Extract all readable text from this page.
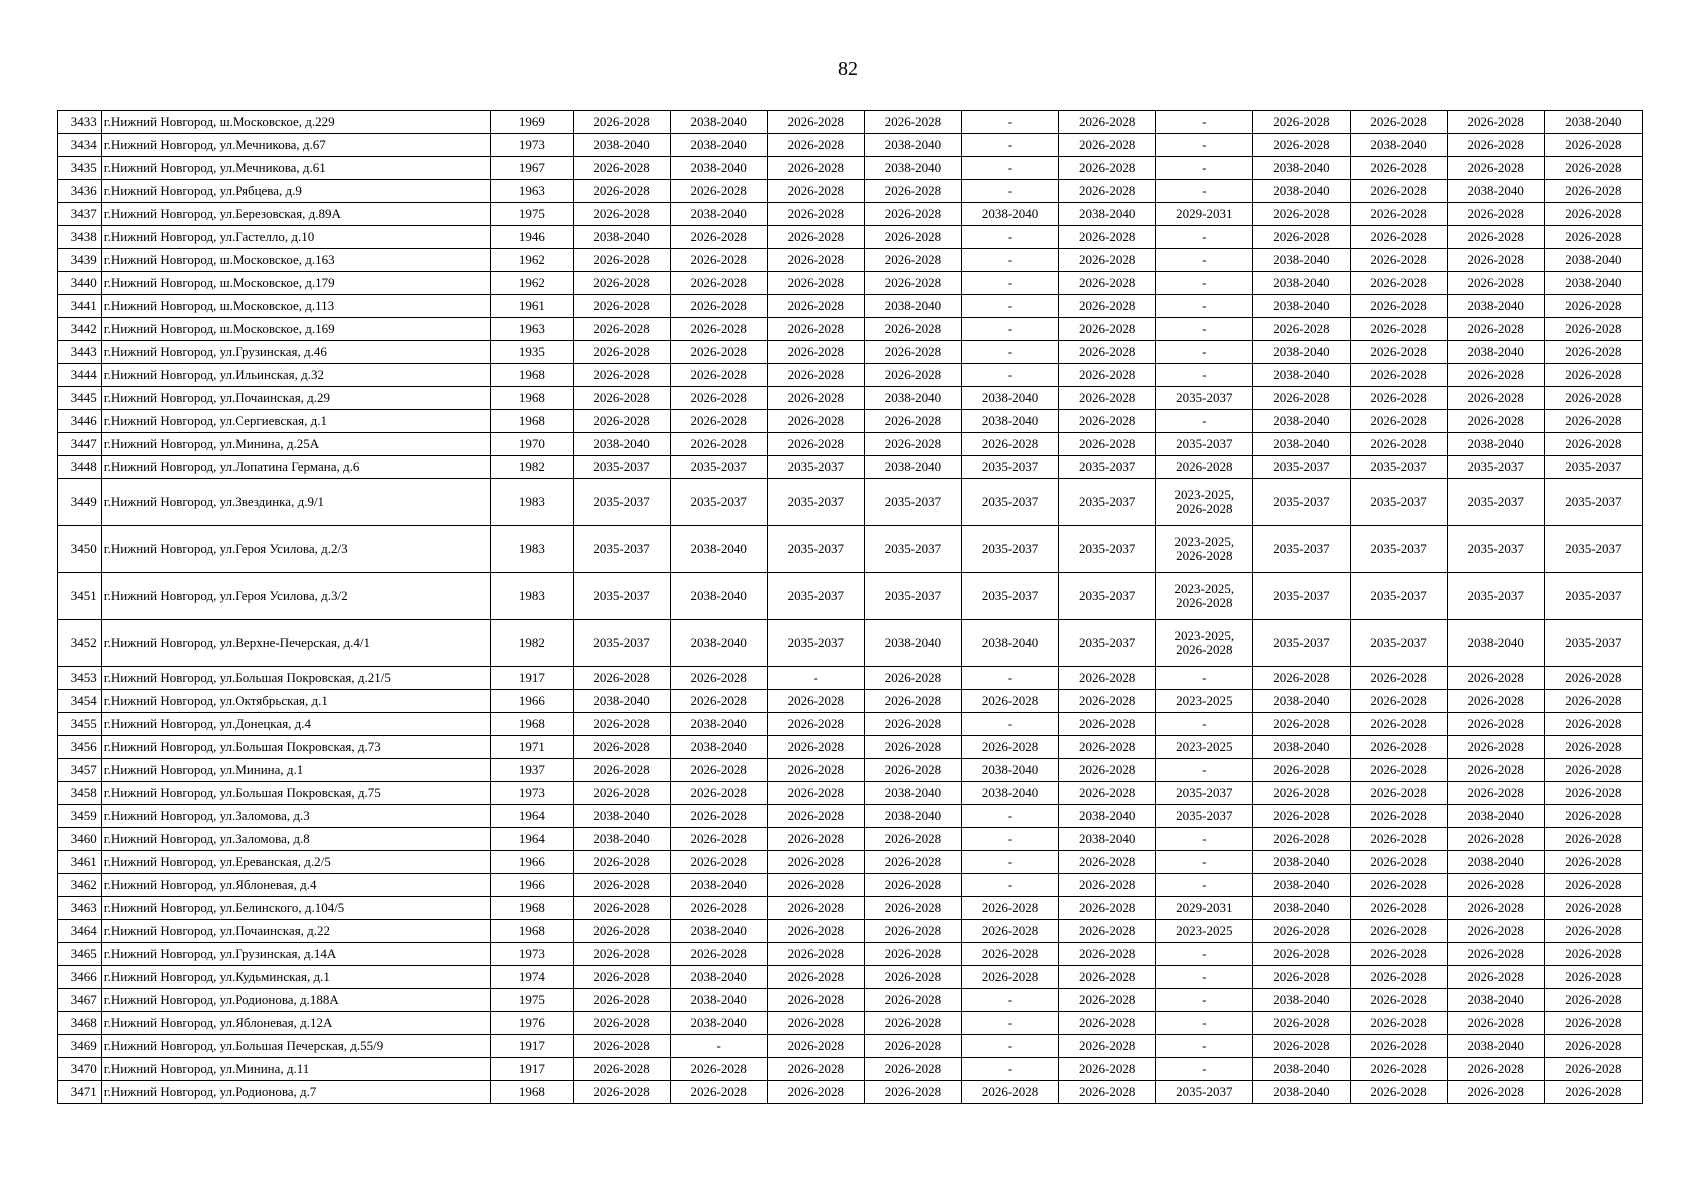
82
3433	г.Нижний Новгород, ш.Московское, д.229	1969	2026-2028	2038-2040	2026-2028	2026-2028	-	2026-2028	-	2026-2028	2026-2028	2026-2028	2038-2040
3434	г.Нижний Новгород, ул.Мечникова, д.67	1973	2038-2040	2038-2040	2026-2028	2038-2040	-	2026-2028	-	2026-2028	2038-2040	2026-2028	2026-2028
3435	г.Нижний Новгород, ул.Мечникова, д.61	1967	2026-2028	2038-2040	2026-2028	2038-2040	-	2026-2028	-	2038-2040	2026-2028	2026-2028	2026-2028
3436	г.Нижний Новгород, ул.Рябцева, д.9	1963	2026-2028	2026-2028	2026-2028	2026-2028	-	2026-2028	-	2038-2040	2026-2028	2038-2040	2026-2028
3437	г.Нижний Новгород, ул.Березовская, д.89А	1975	2026-2028	2038-2040	2026-2028	2026-2028	2038-2040	2038-2040	2029-2031	2026-2028	2026-2028	2026-2028	2026-2028
3438	г.Нижний Новгород, ул.Гастелло, д.10	1946	2038-2040	2026-2028	2026-2028	2026-2028	-	2026-2028	-	2026-2028	2026-2028	2026-2028	2026-2028
3439	г.Нижний Новгород, ш.Московское, д.163	1962	2026-2028	2026-2028	2026-2028	2026-2028	-	2026-2028	-	2038-2040	2026-2028	2026-2028	2038-2040
3440	г.Нижний Новгород, ш.Московское, д.179	1962	2026-2028	2026-2028	2026-2028	2026-2028	-	2026-2028	-	2038-2040	2026-2028	2026-2028	2038-2040
3441	г.Нижний Новгород, ш.Московское, д.113	1961	2026-2028	2026-2028	2026-2028	2038-2040	-	2026-2028	-	2038-2040	2026-2028	2038-2040	2026-2028
3442	г.Нижний Новгород, ш.Московское, д.169	1963	2026-2028	2026-2028	2026-2028	2026-2028	-	2026-2028	-	2026-2028	2026-2028	2026-2028	2026-2028
3443	г.Нижний Новгород, ул.Грузинская, д.46	1935	2026-2028	2026-2028	2026-2028	2026-2028	-	2026-2028	-	2038-2040	2026-2028	2038-2040	2026-2028
3444	г.Нижний Новгород, ул.Ильинская, д.32	1968	2026-2028	2026-2028	2026-2028	2026-2028	-	2026-2028	-	2038-2040	2026-2028	2026-2028	2026-2028
3445	г.Нижний Новгород, ул.Почаинская, д.29	1968	2026-2028	2026-2028	2026-2028	2038-2040	2038-2040	2026-2028	2035-2037	2026-2028	2026-2028	2026-2028	2026-2028
3446	г.Нижний Новгород, ул.Сергиевская, д.1	1968	2026-2028	2026-2028	2026-2028	2026-2028	2038-2040	2026-2028	-	2038-2040	2026-2028	2026-2028	2026-2028
3447	г.Нижний Новгород, ул.Минина, д.25А	1970	2038-2040	2026-2028	2026-2028	2026-2028	2026-2028	2026-2028	2035-2037	2038-2040	2026-2028	2038-2040	2026-2028
3448	г.Нижний Новгород, ул.Лопатина Германа, д.6	1982	2035-2037	2035-2037	2035-2037	2038-2040	2035-2037	2035-2037	2026-2028	2035-2037	2035-2037	2035-2037	2035-2037
3449	г.Нижний Новгород, ул.Звездинка, д.9/1	1983	2035-2037	2035-2037	2035-2037	2035-2037	2035-2037	2035-2037	2023-2025, 2026-2028	2035-2037	2035-2037	2035-2037	2035-2037
3450	г.Нижний Новгород, ул.Героя Усилова, д.2/3	1983	2035-2037	2038-2040	2035-2037	2035-2037	2035-2037	2035-2037	2023-2025, 2026-2028	2035-2037	2035-2037	2035-2037	2035-2037
3451	г.Нижний Новгород, ул.Героя Усилова, д.3/2	1983	2035-2037	2038-2040	2035-2037	2035-2037	2035-2037	2035-2037	2023-2025, 2026-2028	2035-2037	2035-2037	2035-2037	2035-2037
3452	г.Нижний Новгород, ул.Верхне-Печерская, д.4/1	1982	2035-2037	2038-2040	2035-2037	2038-2040	2038-2040	2035-2037	2023-2025, 2026-2028	2035-2037	2035-2037	2038-2040	2035-2037
3453	г.Нижний Новгород, ул.Большая Покровская, д.21/5	1917	2026-2028	2026-2028	-	2026-2028	-	2026-2028	-	2026-2028	2026-2028	2026-2028	2026-2028
3454	г.Нижний Новгород, ул.Октябрьская, д.1	1966	2038-2040	2026-2028	2026-2028	2026-2028	2026-2028	2026-2028	2023-2025	2038-2040	2026-2028	2026-2028	2026-2028
3455	г.Нижний Новгород, ул.Донецкая, д.4	1968	2026-2028	2038-2040	2026-2028	2026-2028	-	2026-2028	-	2026-2028	2026-2028	2026-2028	2026-2028
3456	г.Нижний Новгород, ул.Большая Покровская, д.73	1971	2026-2028	2038-2040	2026-2028	2026-2028	2026-2028	2026-2028	2023-2025	2038-2040	2026-2028	2026-2028	2026-2028
3457	г.Нижний Новгород, ул.Минина, д.1	1937	2026-2028	2026-2028	2026-2028	2026-2028	2038-2040	2026-2028	-	2026-2028	2026-2028	2026-2028	2026-2028
3458	г.Нижний Новгород, ул.Большая Покровская, д.75	1973	2026-2028	2026-2028	2026-2028	2038-2040	2038-2040	2026-2028	2035-2037	2026-2028	2026-2028	2026-2028	2026-2028
3459	г.Нижний Новгород, ул.Заломова, д.3	1964	2038-2040	2026-2028	2026-2028	2038-2040	-	2038-2040	2035-2037	2026-2028	2026-2028	2038-2040	2026-2028
3460	г.Нижний Новгород, ул.Заломова, д.8	1964	2038-2040	2026-2028	2026-2028	2026-2028	-	2038-2040	-	2026-2028	2026-2028	2026-2028	2026-2028
3461	г.Нижний Новгород, ул.Ереванская, д.2/5	1966	2026-2028	2026-2028	2026-2028	2026-2028	-	2026-2028	-	2038-2040	2026-2028	2038-2040	2026-2028
3462	г.Нижний Новгород, ул.Яблоневая, д.4	1966	2026-2028	2038-2040	2026-2028	2026-2028	-	2026-2028	-	2038-2040	2026-2028	2026-2028	2026-2028
3463	г.Нижний Новгород, ул.Белинского, д.104/5	1968	2026-2028	2026-2028	2026-2028	2026-2028	2026-2028	2026-2028	2029-2031	2038-2040	2026-2028	2026-2028	2026-2028
3464	г.Нижний Новгород, ул.Почаинская, д.22	1968	2026-2028	2038-2040	2026-2028	2026-2028	2026-2028	2026-2028	2023-2025	2026-2028	2026-2028	2026-2028	2026-2028
3465	г.Нижний Новгород, ул.Грузинская, д.14А	1973	2026-2028	2026-2028	2026-2028	2026-2028	2026-2028	2026-2028	-	2026-2028	2026-2028	2026-2028	2026-2028
3466	г.Нижний Новгород, ул.Кудьминская, д.1	1974	2026-2028	2038-2040	2026-2028	2026-2028	2026-2028	2026-2028	-	2026-2028	2026-2028	2026-2028	2026-2028
3467	г.Нижний Новгород, ул.Родионова, д.188А	1975	2026-2028	2038-2040	2026-2028	2026-2028	-	2026-2028	-	2038-2040	2026-2028	2038-2040	2026-2028
3468	г.Нижний Новгород, ул.Яблоневая, д.12А	1976	2026-2028	2038-2040	2026-2028	2026-2028	-	2026-2028	-	2026-2028	2026-2028	2026-2028	2026-2028
3469	г.Нижний Новгород, ул.Большая Печерская, д.55/9	1917	2026-2028	-	2026-2028	2026-2028	-	2026-2028	-	2026-2028	2026-2028	2038-2040	2026-2028
3470	г.Нижний Новгород, ул.Минина, д.11	1917	2026-2028	2026-2028	2026-2028	2026-2028	-	2026-2028	-	2038-2040	2026-2028	2026-2028	2026-2028
3471	г.Нижний Новгород, ул.Родионова, д.7	1968	2026-2028	2026-2028	2026-2028	2026-2028	2026-2028	2026-2028	2035-2037	2038-2040	2026-2028	2026-2028	2026-2028
